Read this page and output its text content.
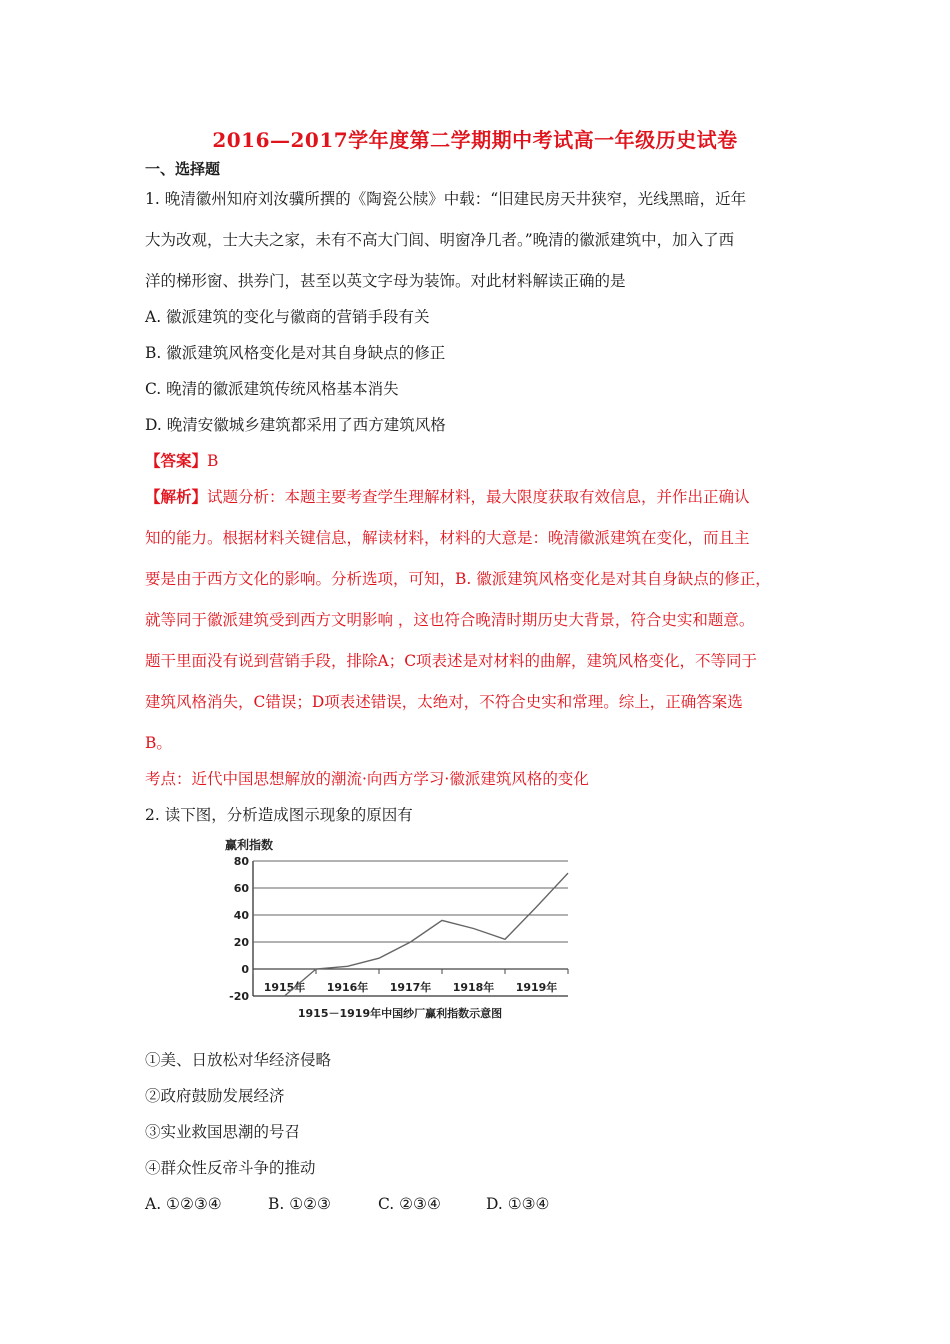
2016—2017学年度第二学期期中考试高一年级历史试卷
一、选择题
1. 晚清徽州知府刘汝骥所撰的《陶瓷公牍》中载：“旧建民房天井狭窄，光线黑暗，近年
大为改观，士大夫之家，未有不高大门闾、明窗净几者。”晚清的徽派建筑中，加入了西
洋的梯形窗、拱券门，甚至以英文字母为装饰。对此材料解读正确的是
A. 徽派建筑的变化与徽商的营销手段有关
B. 徽派建筑风格变化是对其自身缺点的修正
C. 晚清的徽派建筑传统风格基本消失
D. 晚清安徽城乡建筑都采用了西方建筑风格
【答案】B
【解析】试题分析：本题主要考查学生理解材料，最大限度获取有效信息，并作出正确认
知的能力。根据材料关键信息，解读材料，材料的大意是：晚清徽派建筑在变化，而且主
要是由于西方文化的影响。分析选项，可知，B. 徽派建筑风格变化是对其自身缺点的修正，
就等同于徽派建筑受到西方文明影响 ，这也符合晚清时期历史大背景，符合史实和题意。
题干里面没有说到营销手段，排除A；C项表述是对材料的曲解，建筑风格变化，不等同于
建筑风格消失，C错误；D项表述错误，太绝对，不符合史实和常理。综上，正确答案选
B。
考点：近代中国思想解放的潮流·向西方学习·徽派建筑风格的变化
2. 读下图，分析造成图示现象的原因有
赢利指数
80
60
40
20
0
-20
1915年 1916年 1917年 1918年 1919年
1915－1919年中国纱厂赢利指数示意图
①美、日放松对华经济侵略
②政府鼓励发展经济
③实业救国思潮的号召
④群众性反帝斗争的推动
A. ①②③④	B. ①②③	C. ②③④	D. ①③④
